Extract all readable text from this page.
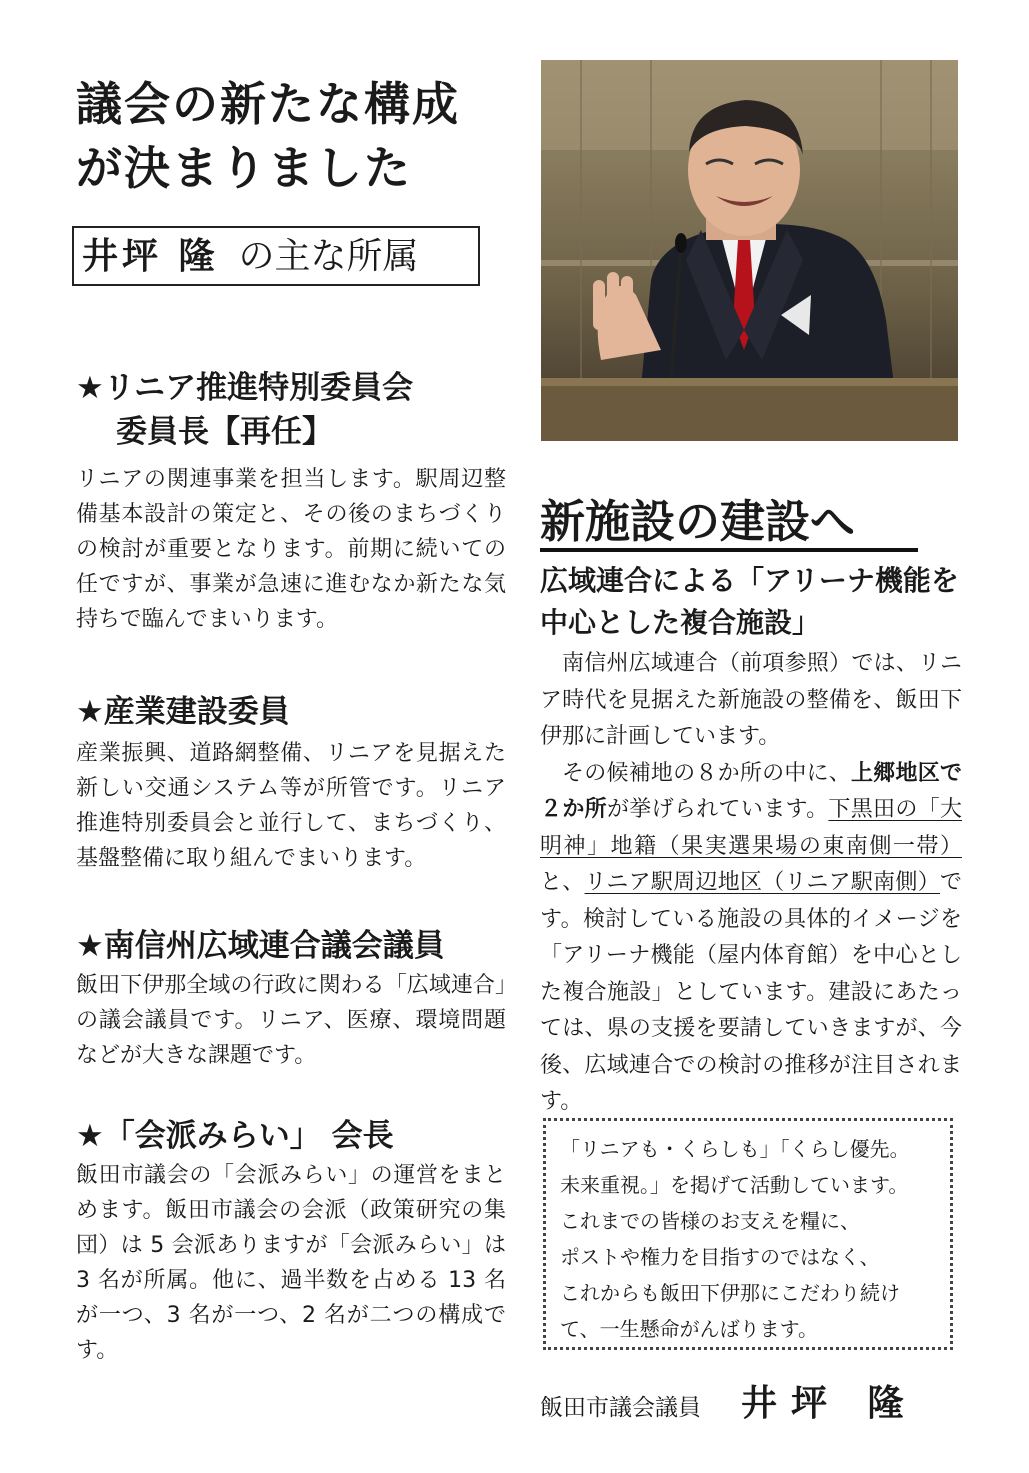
議会の新たな構成
が決まりました
井坪 隆 の主な所属
★リニア推進特別委員会
委員長【再任】

リニアの関連事業を担当します。駅周辺整備基本設計の策定と、その後のまちづくりの検討が重要となります。前期に続いての任ですが、事業が急速に進むなか新たな気持ちで臨んでまいります。

★産業建設委員

産業振興、道路網整備、リニアを見据えた新しい交通システム等が所管です。リニア推進特別委員会と並行して、まちづくり、基盤整備に取り組んでまいります。

★南信州広域連合議会議員

飯田下伊那全域の行政に関わる「広域連合」の議会議員です。リニア、医療、環境問題などが大きな課題です。

★「会派みらい」 会長

飯田市議会の「会派みらい」の運営をまとめます。飯田市議会の会派（政策研究の集団）は 5 会派ありますが「会派みらい」は 3 名が所属。他に、過半数を占める 13 名が一つ、3 名が一つ、2 名が二つの構成です。

新施設の建設へ
広域連合による「アリーナ機能を中心とした複合施設」

南信州広域連合（前項参照）では、リニア時代を見据えた新施設の整備を、飯田下伊那に計画しています。

その候補地の８か所の中に、上郷地区で２か所が挙げられています。下黒田の「大明神」地籍（果実選果場の東南側一帯）と、リニア駅周辺地区（リニア駅南側）です。検討している施設の具体的イメージを「アリーナ機能（屋内体育館）を中心とした複合施設」としています。建設にあたっては、県の支援を要請していきますが、今後、広域連合での検討の推移が注目されます。

「リニアも・くらしも」「くらし優先。
未来重視。」を掲げて活動しています。
これまでの皆様のお支えを糧に、
ポストや権力を目指すのではなく、
これからも飯田下伊那にこだわり続け
て、一生懸命がんばります。

飯田市議会議員 井坪 隆
